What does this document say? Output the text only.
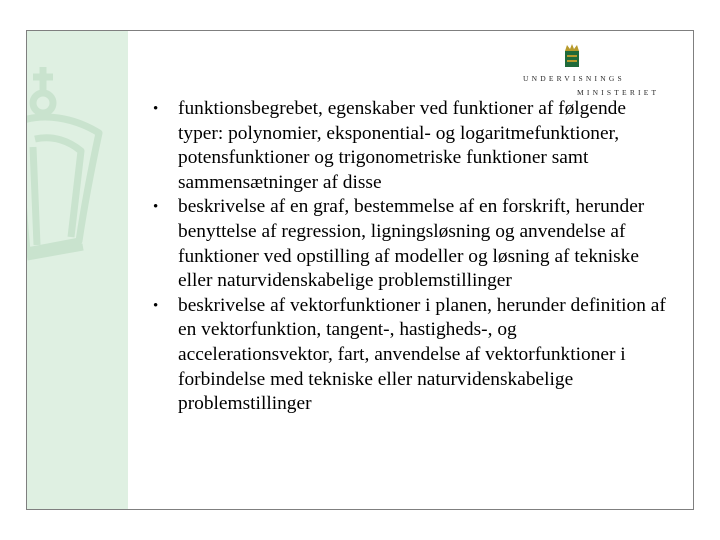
UNDERVISNINGS
MINISTERIET
• funktionsbegrebet, egenskaber ved funktioner af følgende typer: polynomier, eksponential- og logaritmefunktioner, potensfunktioner og trigonometriske funktioner samt sammensætninger af disse
• beskrivelse af en graf, bestemmelse af en forskrift, herunder benyttelse af regression, ligningsløsning og anvendelse af funktioner ved opstilling af modeller og løsning af tekniske eller naturvidenskabelige problemstillinger
• beskrivelse af vektorfunktioner i planen, herunder definition af en vektorfunktion, tangent-, hastigheds-, og accelerationsvektor, fart, anvendelse af vektorfunktioner i forbindelse med tekniske eller naturvidenskabelige problemstillinger
